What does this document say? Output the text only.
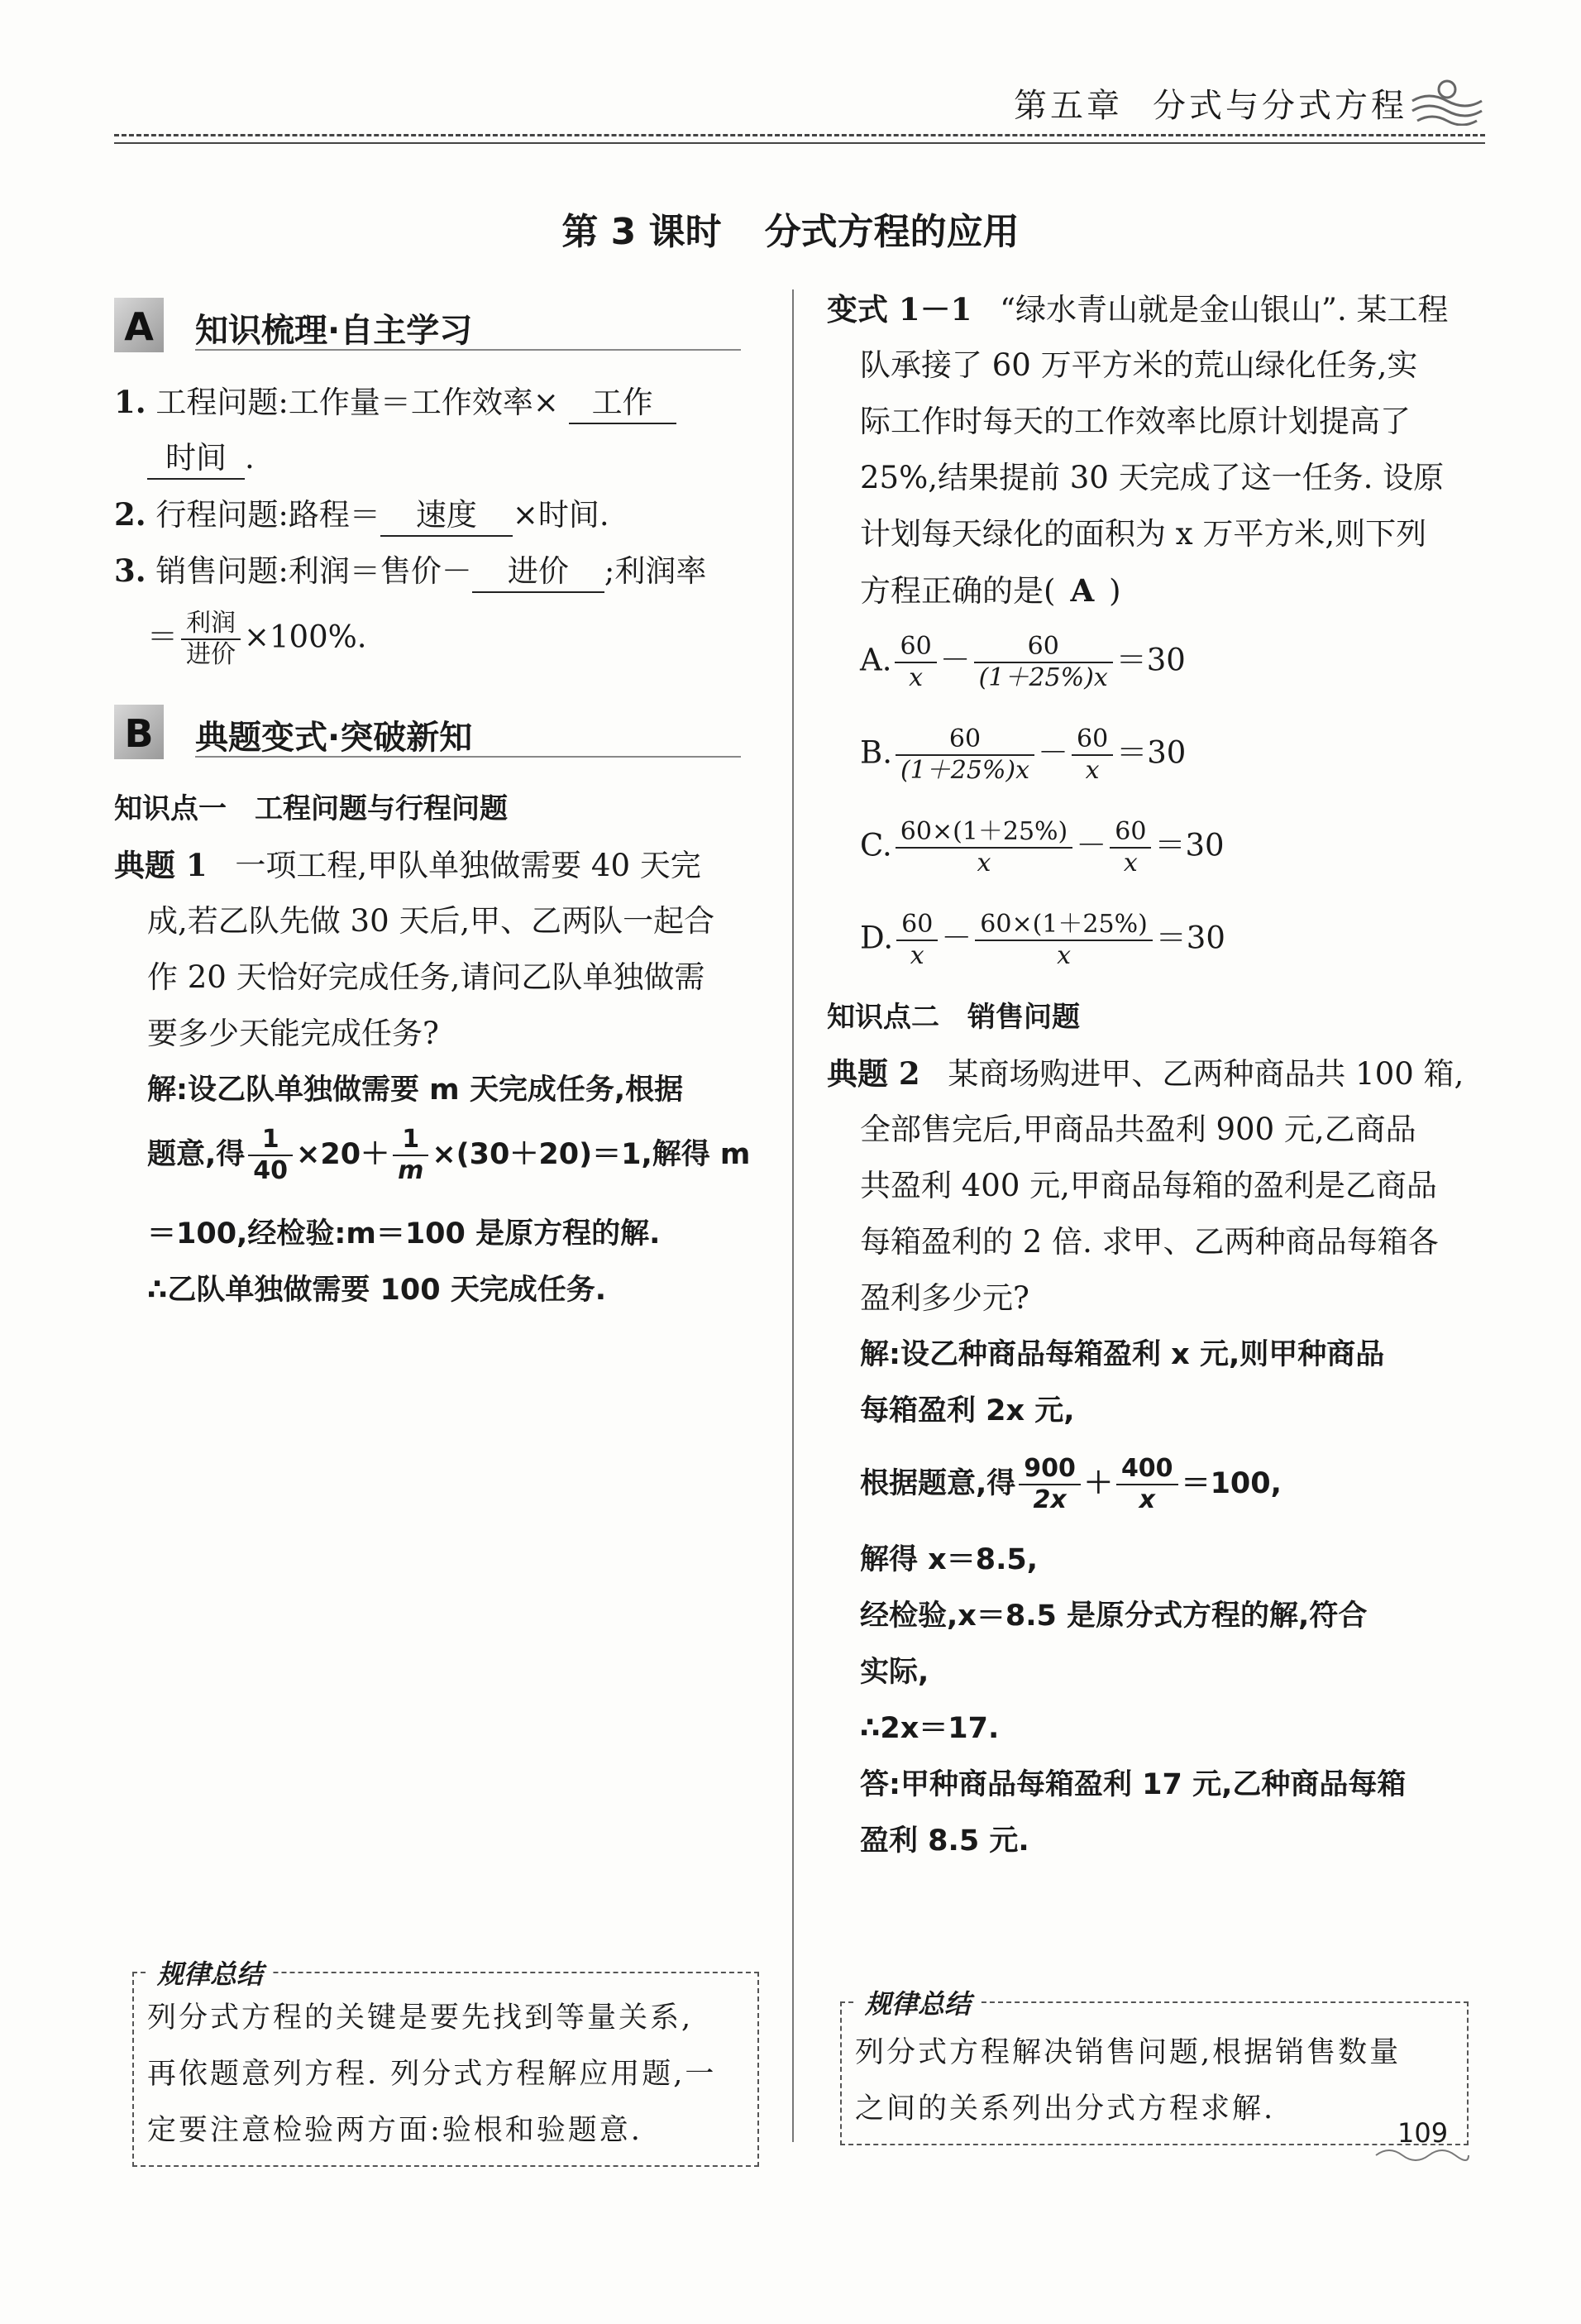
第五章 分式与分式方程
第 3 课时 分式方程的应用
A	知识梳理·自主学习
1. 工程问题:工作量＝工作效率× 工作
时间 .
2. 行程问题:路程＝ 速度 ×时间.
3. 销售问题:利润＝售价－ 进价 ;利润率
＝ $\frac{\text{利润}}{\text{进价}} \times 100\%$.
B	典题变式·突破新知
知识点一 工程问题与行程问题
典题 1 一项工程,甲队单独做需要 40 天完
成,若乙队先做 30 天后,甲、乙两队一起合
作 20 天恰好完成任务,请问乙队单独做需
要多少天能完成任务?
解:设乙队单独做需要 m 天完成任务,根据
题意,得 $\frac{1}{40} \times 20+ \frac{1}{m} \times(30+20)=1$,解得 m
＝100,经检验:m＝100 是原方程的解.
∴乙队单独做需要 100 天完成任务.
规律总结
列分式方程的关键是要先找到等量关系,
再依题意列方程. 列分式方程解应用题,一
定要注意检验两方面:验根和验题意.
变式 1－1 “绿水青山就是金山银山”. 某工程
队承接了 60 万平方米的荒山绿化任务,实
际工作时每天的工作效率比原计划提高了
25%,结果提前 30 天完成了这一任务. 设原
计划每天绿化的面积为 x 万平方米,则下列
方程正确的是( A )
A. $\frac{60}{x} - \frac{60}{(1+25\%)x} =30$
B. $\frac{60}{(1+25\%)x} - \frac{60}{x} =30$
C. $\frac{60\times(1+25\%)}{x} - \frac{60}{x} =30$
D. $\frac{60}{x} - \frac{60\times(1+25\%)}{x} =30$
知识点二 销售问题
典题 2 某商场购进甲、乙两种商品共 100 箱,
全部售完后,甲商品共盈利 900 元,乙商品
共盈利 400 元,甲商品每箱的盈利是乙商品
每箱盈利的 2 倍. 求甲、乙两种商品每箱各
盈利多少元?
解:设乙种商品每箱盈利 x 元,则甲种商品
每箱盈利 2x 元,
根据题意,得 $\frac{900}{2x} + \frac{400}{x} =100$,
解得 x＝8.5,
经检验,x＝8.5 是原分式方程的解,符合
实际,
∴2x＝17.
答:甲种商品每箱盈利 17 元,乙种商品每箱
盈利 8.5 元.
规律总结
列分式方程解决销售问题,根据销售数量
之间的关系列出分式方程求解.
109
